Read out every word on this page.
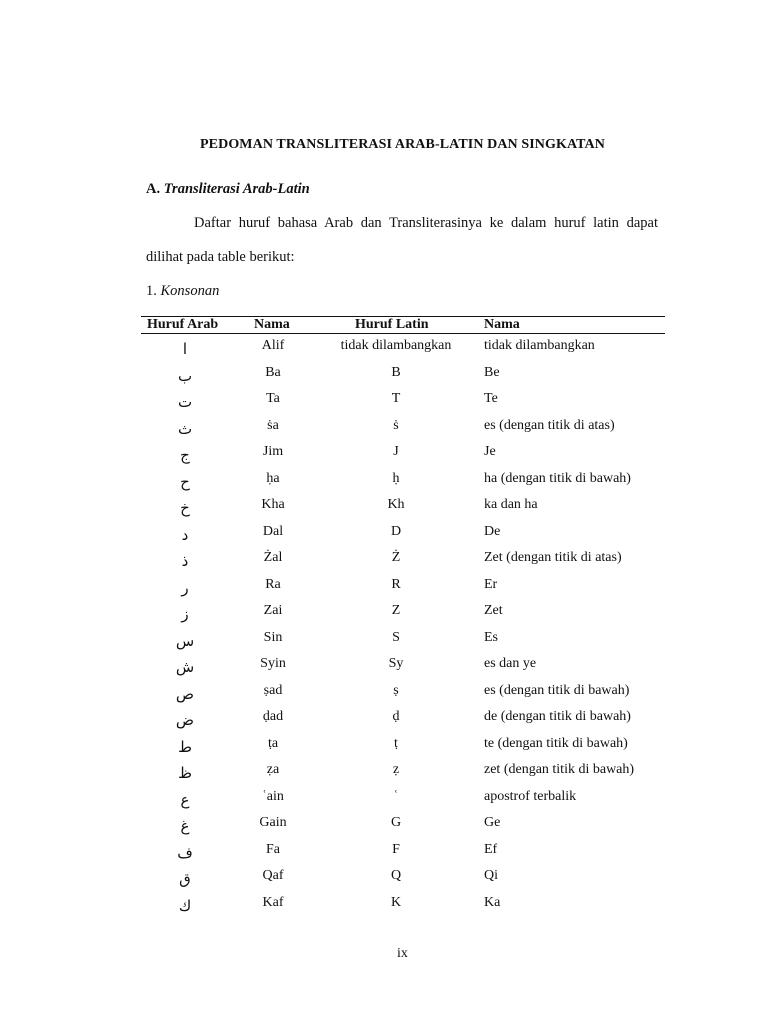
PEDOMAN TRANSLITERASI ARAB-LATIN DAN SINGKATAN
A. Transliterasi Arab-Latin
Daftar huruf bahasa Arab dan Transliterasinya ke dalam huruf latin dapat
dilihat pada table berikut:
1. Konsonan
Huruf Arab	Nama	Huruf Latin	Nama
ا	Alif	tidak dilambangkan	tidak dilambangkan
ب	Ba	B	Be
ت	Ta	T	Te
ث	ṡa	ṡ	es (dengan titik di atas)
ج	Jim	J	Je
ح	ḥa	ḥ	ha (dengan titik di bawah)
خ	Kha	Kh	ka dan ha
د	Dal	D	De
ذ	Żal	Ż	Zet (dengan titik di atas)
ر	Ra	R	Er
ز	Zai	Z	Zet
س	Sin	S	Es
ش	Syin	Sy	es dan ye
ص	ṣad	ṣ	es (dengan titik di bawah)
ض	ḍad	ḍ	de (dengan titik di bawah)
ط	ṭa	ṭ	te (dengan titik di bawah)
ظ	ẓa	ẓ	zet (dengan titik di bawah)
ع	ʿain	ʿ	apostrof terbalik
غ	Gain	G	Ge
ف	Fa	F	Ef
ق	Qaf	Q	Qi
ك	Kaf	K	Ka
ix
